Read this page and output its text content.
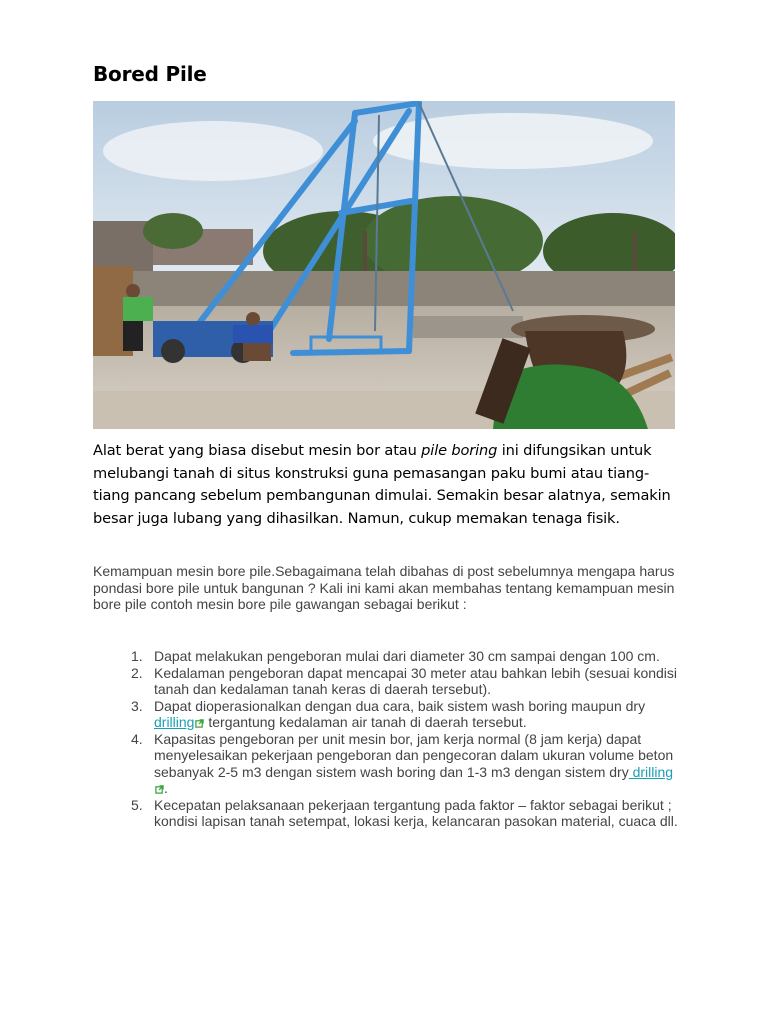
Bored Pile

Alat berat yang biasa disebut mesin bor atau pile boring ini difungsikan untuk melubangi tanah di situs konstruksi guna pemasangan paku bumi atau tiang-tiang pancang sebelum pembangunan dimulai. Semakin besar alatnya, semakin besar juga lubang yang dihasilkan. Namun, cukup memakan tenaga fisik.

Kemampuan mesin bore pile.Sebagaimana telah dibahas di post sebelumnya mengapa harus pondasi bore pile untuk bangunan ? Kali ini kami akan membahas tentang kemampuan mesin bore pile contoh mesin bore pile gawangan sebagai berikut :

1. Dapat melakukan pengeboran mulai dari diameter 30 cm sampai dengan 100 cm.
2. Kedalaman pengeboran dapat mencapai 30 meter atau bahkan lebih (sesuai kondisi tanah dan kedalaman tanah keras di daerah tersebut).
3. Dapat dioperasionalkan dengan dua cara, baik sistem wash boring maupun dry drilling tergantung kedalaman air tanah di daerah tersebut.
4. Kapasitas pengeboran per unit mesin bor, jam kerja normal (8 jam kerja) dapat menyelesaikan pekerjaan pengeboran dan pengecoran dalam ukuran volume beton sebanyak 2-5 m3 dengan sistem wash boring dan 1-3 m3 dengan sistem dry drilling.
5. Kecepatan pelaksanaan pekerjaan tergantung pada faktor – faktor sebagai berikut ; kondisi lapisan tanah setempat, lokasi kerja, kelancaran pasokan material, cuaca dll.
